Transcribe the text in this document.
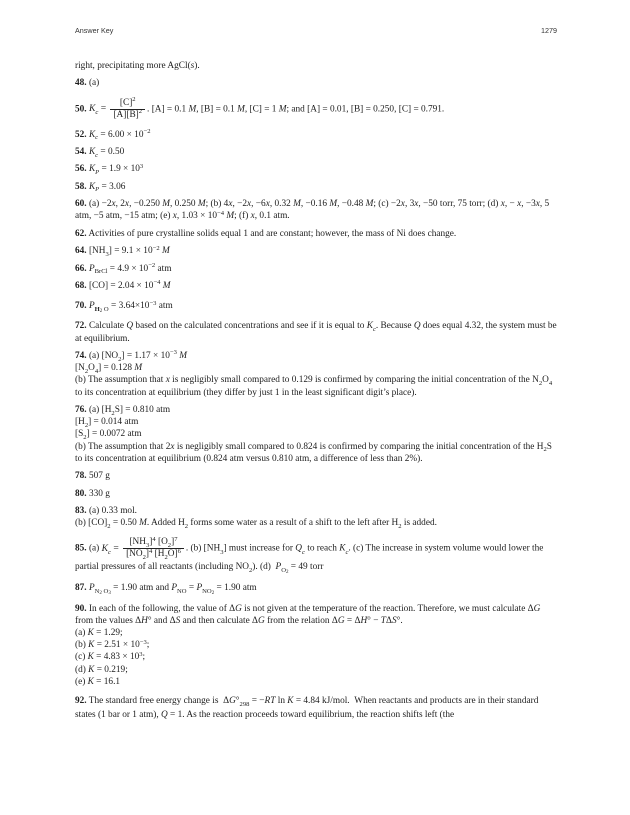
Answer Key	1279

right, precipitating more AgCl(s).

48. (a)

50. $K_c = \frac{[C]^2}{[A][B]^2}$ . [A] = 0.1 M, [B] = 0.1 M, [C] = 1 M; and [A] = 0.01, [B] = 0.250, [C] = 0.791.

52. $K_c = 6.00 \times 10^{-2}$

54. $K_c = 0.50$

56. $K_P = 1.9 \times 10^3$

58. $K_P = 3.06$

60. (a) −2x, 2x, −0.250 M, 0.250 M; (b) 4x, −2x, −6x, 0.32 M, −0.16 M, −0.48 M; (c) −2x, 3x, −50 torr, 75 torr; (d) x, − x, −3x, 5 atm, −5 atm, −15 atm; (e) x, $1.03 \times 10^{-4}$ M; (f) x, 0.1 atm.

62. Activities of pure crystalline solids equal 1 and are constant; however, the mass of Ni does change.

64. $[NH_3] = 9.1 \times 10^{-2}$ M

66. $P_{BrCl} = 4.9 \times 10^{-2}$ atm

68. $[CO] = 2.04 \times 10^{-4}$ M

70. $P_{H_2 O} = 3.64\times 10^{-3}$ atm

72. Calculate Q based on the calculated concentrations and see if it is equal to $K_c$. Because Q does equal 4.32, the system must be at equilibrium.

74. (a) $[NO_2] = 1.17 \times 10^{-3}$ M
$[N_2O_4] = 0.128$ M
(b) The assumption that x is negligibly small compared to 0.129 is confirmed by comparing the initial concentration of the $N_2O_4$ to its concentration at equilibrium (they differ by just 1 in the least significant digit’s place).
76. (a) $[H_2S] = 0.810$ atm
$[H_2] = 0.014$ atm
$[S_2] = 0.0072$ atm
(b) The assumption that 2x is negligibly small compared to 0.824 is confirmed by comparing the initial concentration of the $H_2S$ to its concentration at equilibrium (0.824 atm versus 0.810 atm, a difference of less than 2%).

78. 507 g

80. 330 g

83. (a) 0.33 mol.
(b) $[CO]_2 = 0.50$ M. Added $H_2$ forms some water as a result of a shift to the left after $H_2$ is added.

85. (a) $K_c = \frac{[NH_3]^4 [O_2]^7}{[NO_2]^4 [H_2O]^6}$ . (b) $[NH_3]$ must increase for $Q_c$ to reach $K_c$. (c) The increase in system volume would lower the partial pressures of all reactants (including $NO_2$). (d)  $P_{O_2} = 49$ torr

87. $P_{N_2 O_3} = 1.90$ atm and $P_{NO} = P_{NO_2} = 1.90$ atm

90. In each of the following, the value of ΔG is not given at the temperature of the reaction. Therefore, we must calculate ΔG from the values ΔH° and ΔS and then calculate ΔG from the relation ΔG = ΔH° − TΔS°.
(a) K = 1.29;
(b) $K = 2.51 \times 10^{-3}$;
(c) $K = 4.83 \times 10^3$;
(d) K = 0.219;
(e) K = 16.1

92. The standard free energy change is  $\Delta G^\circ_{298} = -RT$ ln K = 4.84 kJ/mol.  When reactants and products are in their standard states (1 bar or 1 atm), Q = 1. As the reaction proceeds toward equilibrium, the reaction shifts left (the
